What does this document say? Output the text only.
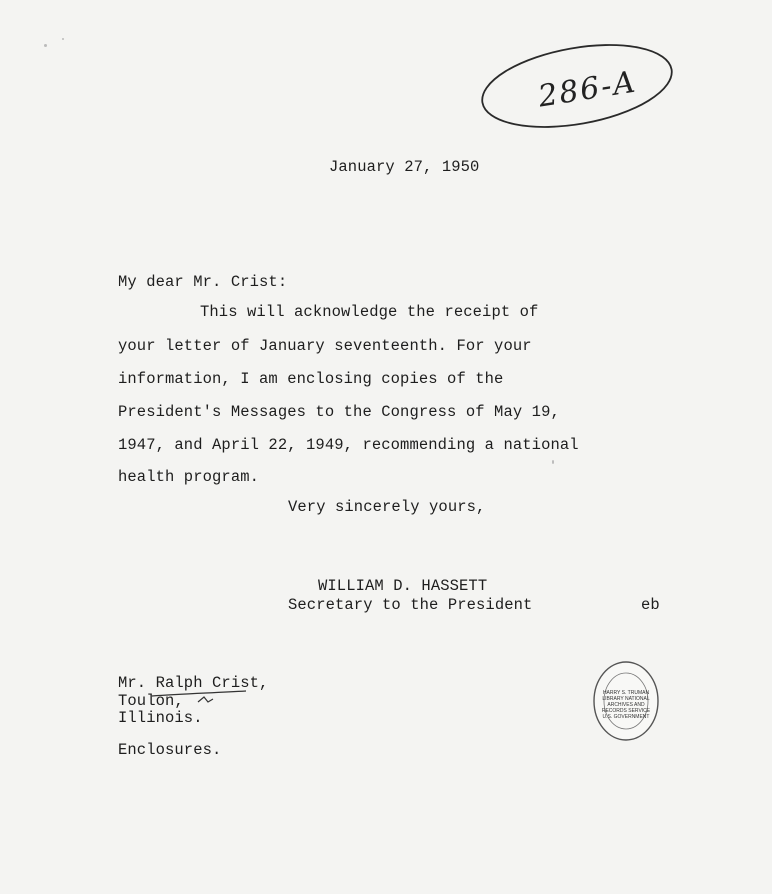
286-A
January 27, 1950
My dear Mr. Crist:
This will acknowledge the receipt of
your letter of January seventeenth. For your
information, I am enclosing copies of the
President's Messages to the Congress of May 19,
1947, and April 22, 1949, recommending a national
health program.
Very sincerely yours,
WILLIAM D. HASSETT
Secretary to the President	eb
Mr. Ralph Crist,
Toulon,
Illinois.
Enclosures.
HARRY S. TRUMAN LIBRARY NATIONAL ARCHIVES AND RECORDS SERVICE U.S. GOVERNMENT
